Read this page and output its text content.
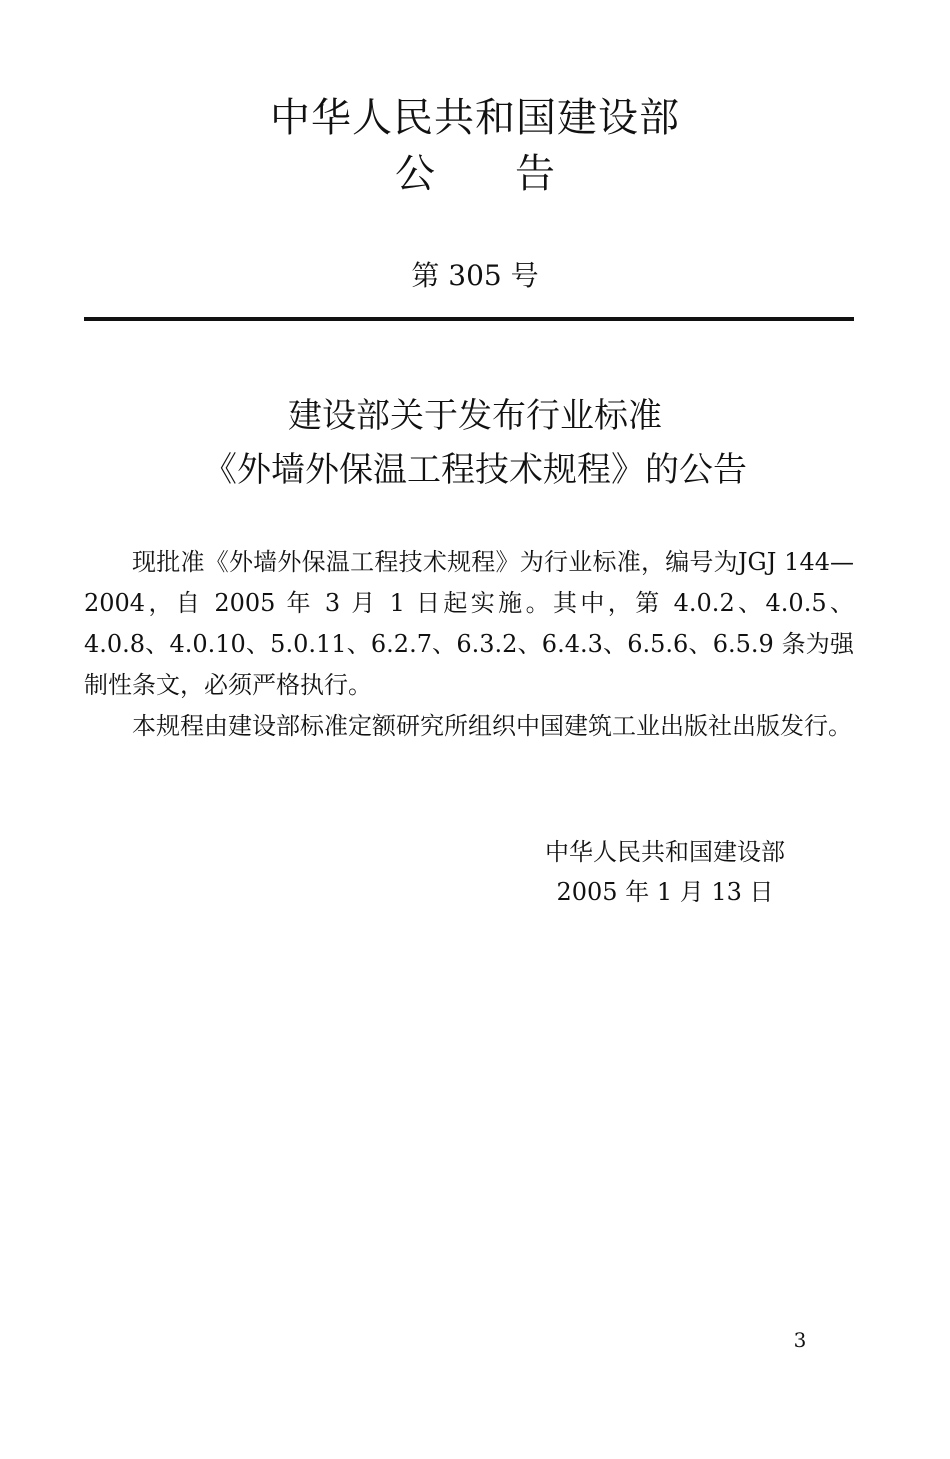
中华人民共和国建设部
公　　告
第 305 号
建设部关于发布行业标准
《外墙外保温工程技术规程》的公告

现批准《外墙外保温工程技术规程》为行业标准，编号为JGJ 144—2004，自 2005 年 3 月 1 日起实施。其中，第 4.0.2、4.0.5、4.0.8、4.0.10、5.0.11、6.2.7、6.3.2、6.4.3、6.5.6、6.5.9 条为强制性条文，必须严格执行。

本规程由建设部标准定额研究所组织中国建筑工业出版社出版发行。

中华人民共和国建设部
2005 年 1 月 13 日
3
